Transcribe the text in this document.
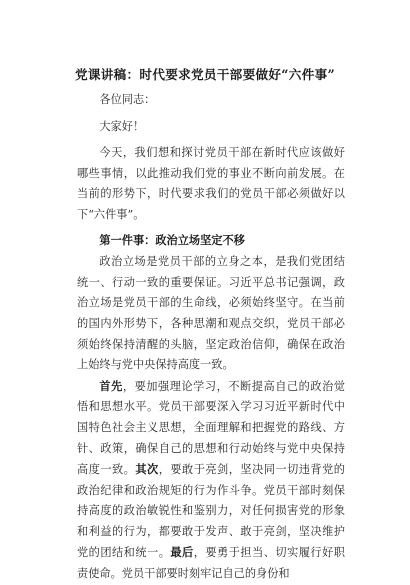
党课讲稿：时代要求党员干部要做好“六件事”

各位同志：

大家好！

今天，我们想和探讨党员干部在新时代应该做好哪些事情，以此推动我们党的事业不断向前发展。在当前的形势下，时代要求我们的党员干部必须做好以下“六件事”。

第一件事：政治立场坚定不移

政治立场是党员干部的立身之本，是我们党团结统一、行动一致的重要保证。习近平总书记强调，政治立场是党员干部的生命线，必须始终坚守。在当前的国内外形势下，各种思潮和观点交织，党员干部必须始终保持清醒的头脑，坚定政治信仰，确保在政治上始终与党中央保持高度一致。

首先，要加强理论学习，不断提高自己的政治觉悟和思想水平。党员干部要深入学习习近平新时代中国特色社会主义思想，全面理解和把握党的路线、方针、政策，确保自己的思想和行动始终与党中央保持高度一致。其次，要敢于亮剑，坚决同一切违背党的政治纪律和政治规矩的行为作斗争。党员干部时刻保持高度的政治敏锐性和鉴别力，对任何损害党的形象和利益的行为，都要敢于发声、敢于亮剑，坚决维护党的团结和统一。最后，要勇于担当、切实履行好职责使命。党员干部要时刻牢记自己的身份和
